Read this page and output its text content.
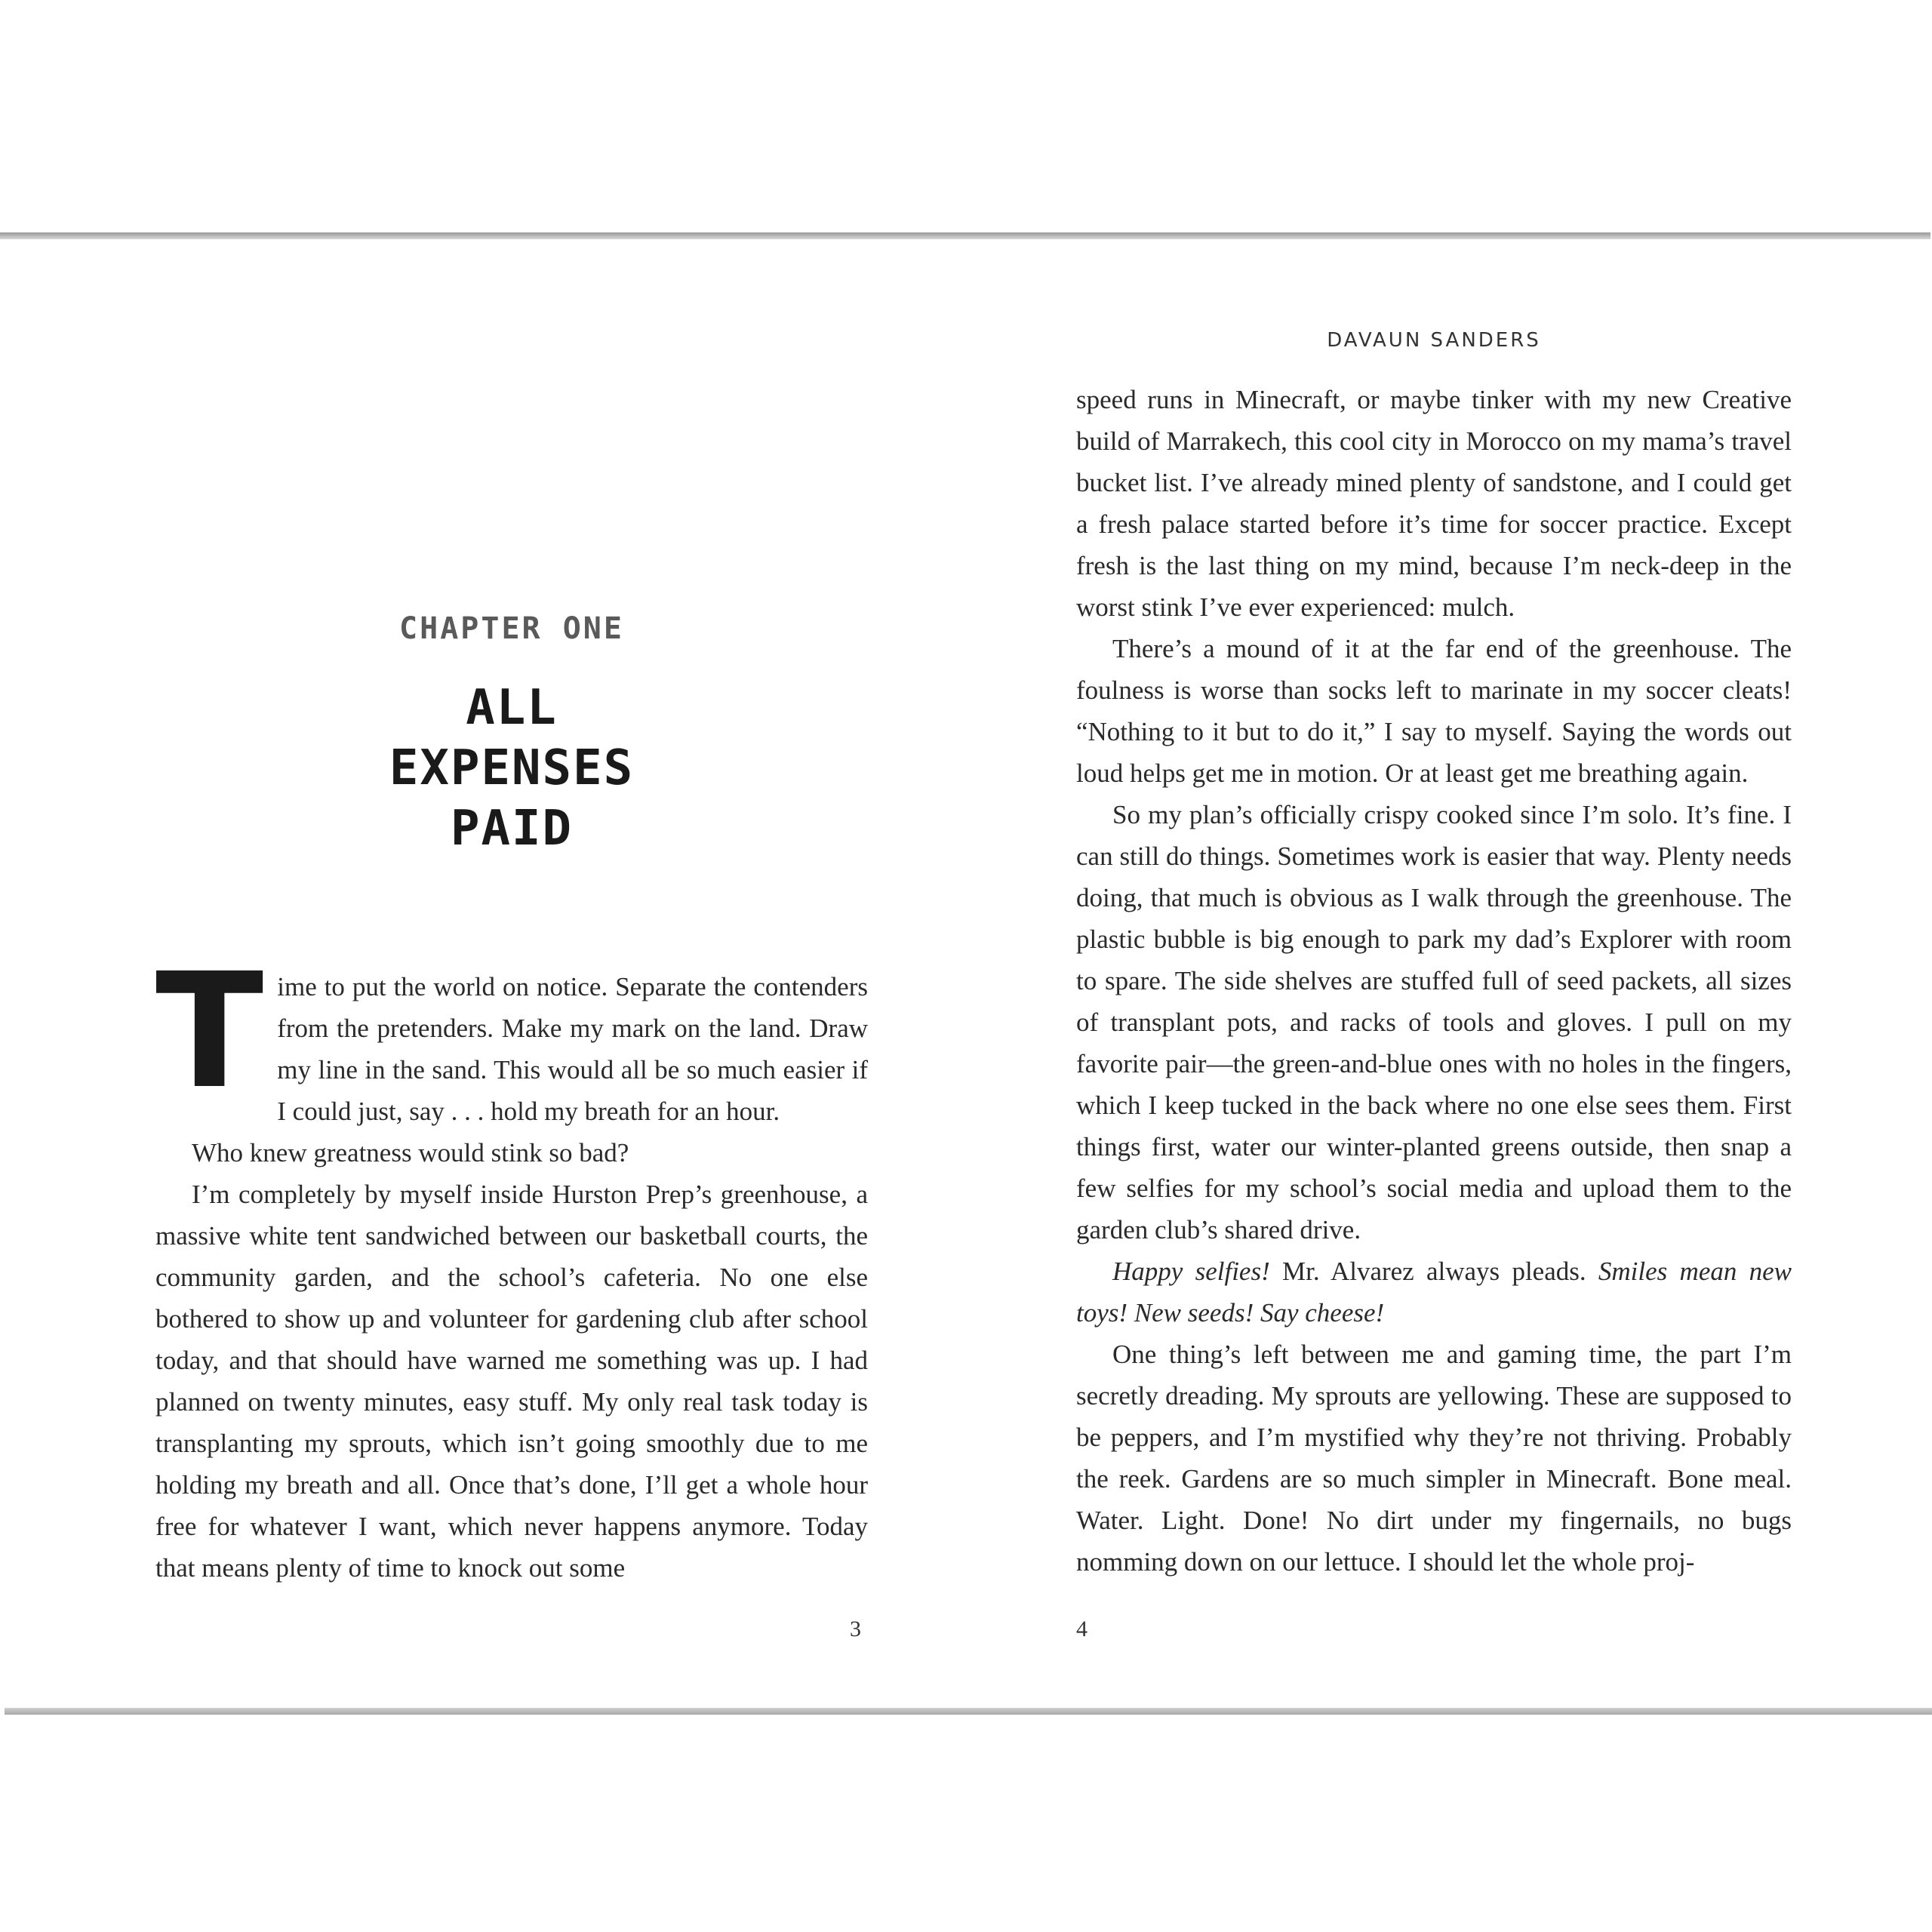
CHAPTER ONE
ALL
EXPENSES
PAID

Time to put the world on notice. Separate the contenders from the pretenders. Make my mark on the land. Draw my line in the sand. This would all be so much easier if I could just, say . . . hold my breath for an hour.

Who knew greatness would stink so bad?

I’m completely by myself inside Hurston Prep’s greenhouse, a massive white tent sandwiched between our basketball courts, the community garden, and the school’s cafeteria. No one else bothered to show up and volunteer for gardening club after school today, and that should have warned me something was up. I had planned on twenty minutes, easy stuff. My only real task today is transplanting my sprouts, which isn’t going smoothly due to me holding my breath and all. Once that’s done, I’ll get a whole hour free for whatever I want, which never happens anymore. Today that means plenty of time to knock out some

3
DAVAUN SANDERS

speed runs in Minecraft, or maybe tinker with my new Creative build of Marrakech, this cool city in Morocco on my mama’s travel bucket list. I’ve already mined plenty of sandstone, and I could get a fresh palace started before it’s time for soccer practice. Except fresh is the last thing on my mind, because I’m neck-deep in the worst stink I’ve ever experienced: mulch.

There’s a mound of it at the far end of the greenhouse. The foulness is worse than socks left to marinate in my soccer cleats! “Nothing to it but to do it,” I say to myself. Saying the words out loud helps get me in motion. Or at least get me breathing again.

So my plan’s officially crispy cooked since I’m solo. It’s fine. I can still do things. Sometimes work is easier that way. Plenty needs doing, that much is obvious as I walk through the greenhouse. The plastic bubble is big enough to park my dad’s Explorer with room to spare. The side shelves are stuffed full of seed packets, all sizes of transplant pots, and racks of tools and gloves. I pull on my favorite pair—the green-and-blue ones with no holes in the fingers, which I keep tucked in the back where no one else sees them. First things first, water our winter-planted greens outside, then snap a few selfies for my school’s social media and upload them to the garden club’s shared drive.

Happy selfies! Mr. Alvarez always pleads. Smiles mean new toys! New seeds! Say cheese!

One thing’s left between me and gaming time, the part I’m secretly dreading. My sprouts are yellowing. These are supposed to be peppers, and I’m mystified why they’re not thriving. Probably the reek. Gardens are so much simpler in Minecraft. Bone meal. Water. Light. Done! No dirt under my fingernails, no bugs nomming down on our lettuce. I should let the whole proj-

4
